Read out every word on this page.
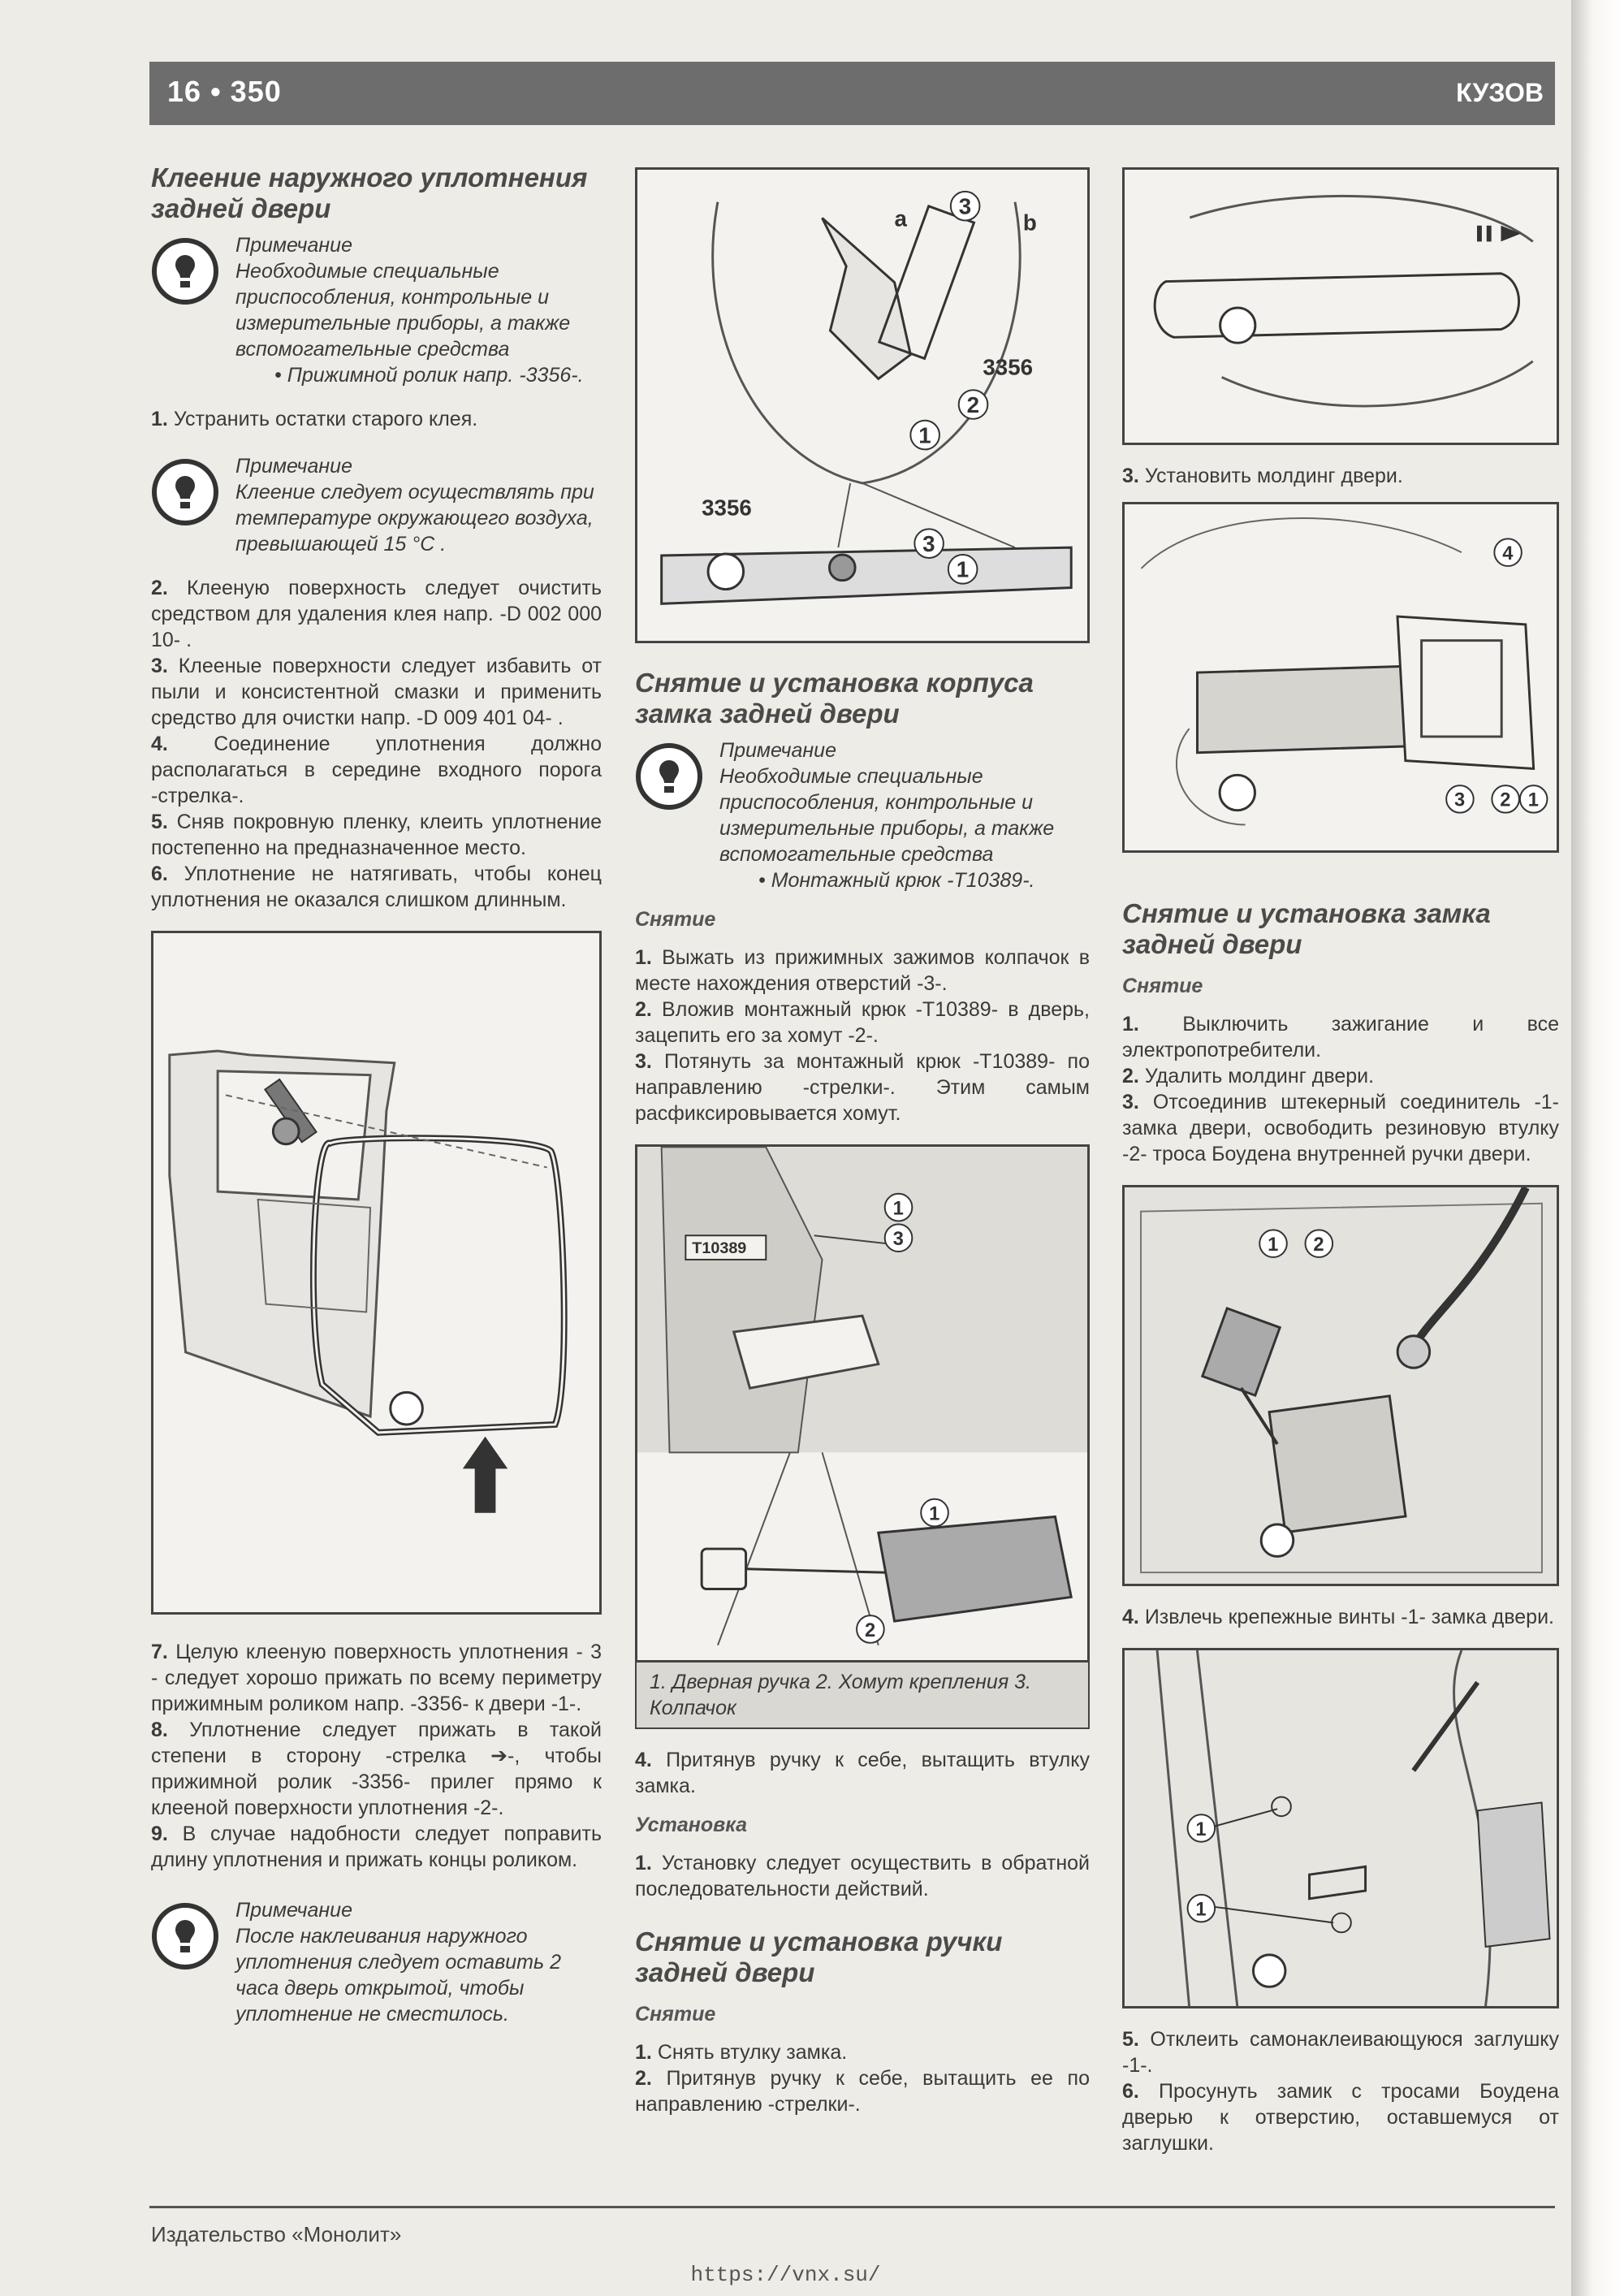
16 • 350	КУЗОВ
Клеение наружного уплотнения задней двери
Примечание
Необходимые специальные приспособления, контрольные и измерительные приборы, а также вспомогательные средства
• Прижимной ролик напр. -3356-.

1. Устранить остатки старого клея.

Примечание
Клеение следует осуществлять при температуре окружающего воздуха, превышающей 15 °С .

2. Клееную поверхность следует очистить средством для удаления клея напр. -D 002 000 10- .

3. Клееные поверхности следует избавить от пыли и консистентной смазки и применить средство для очистки напр. -D 009 401 04- .

4. Соединение уплотнения должно располагаться в середине входного порога -стрелка-.

5. Сняв покровную пленку, клеить уплотнение постепенно на предназначенное место.

6. Уплотнение не натягивать, чтобы конец уплотнения не оказался слишком длинным.

7. Целую клееную поверхность уплотнения - 3 - следует хорошо прижать по всему периметру прижимным роликом напр. -3356- к двери -1-.

8. Уплотнение следует прижать в такой степени в сторону -стрелка ➔-, чтобы прижимной ролик -3356- прилег прямо к клееной поверхности уплотнения -2-.

9. В случае надобности следует поправить длину уплотнения и прижать концы роликом.

Примечание
После наклеивания наружного уплотнения следует оставить 2 часа дверь открытой, чтобы уплотнение не сместилось.
a	b
3
3356
2
1
3356
3
1
Снятие и установка корпуса замка задней двери
Примечание
Необходимые специальные приспособления, контрольные и измерительные приборы, а также вспомогательные средства
• Монтажный крюк -T10389-.
Снятие

1. Выжать из прижимных зажимов колпачок в месте нахождения отверстий -3-.

2. Вложив монтажный крюк -T10389- в дверь, зацепить его за хомут -2-.

3. Потянуть за монтажный крюк -T10389- по направлению -стрелки-. Этим самым расфиксировывается хомут.

1
3
T10389
1
2
1. Дверная ручка 2. Хомут крепления 3. Колпачок

4. Притянув ручку к себе, вытащить втулку замка.

Установка

1. Установку следует осуществить в обратной последовательности действий.

Снятие и установка ручки задней двери
Снятие

1. Снять втулку замка.

2. Притянув ручку к себе, вытащить ее по направлению -стрелки-.

3. Установить молдинг двери.

4
3 2 1
Снятие и установка замка задней двери
Снятие

1. Выключить зажигание и все электропотребители.

2. Удалить молдинг двери.

3. Отсоединив штекерный соединитель -1- замка двери, освободить резиновую втулку -2- троса Боудена внутренней ручки двери.

1 2

4. Извлечь крепежные винты -1- замка двери.

1
1

5. Отклеить самонаклеивающуюся заглушку -1-.

6. Просунуть замик с тросами Боудена дверью к отверстию, оставшемуся от заглушки.

Издательство «Монолит»
https://vnx.su/
